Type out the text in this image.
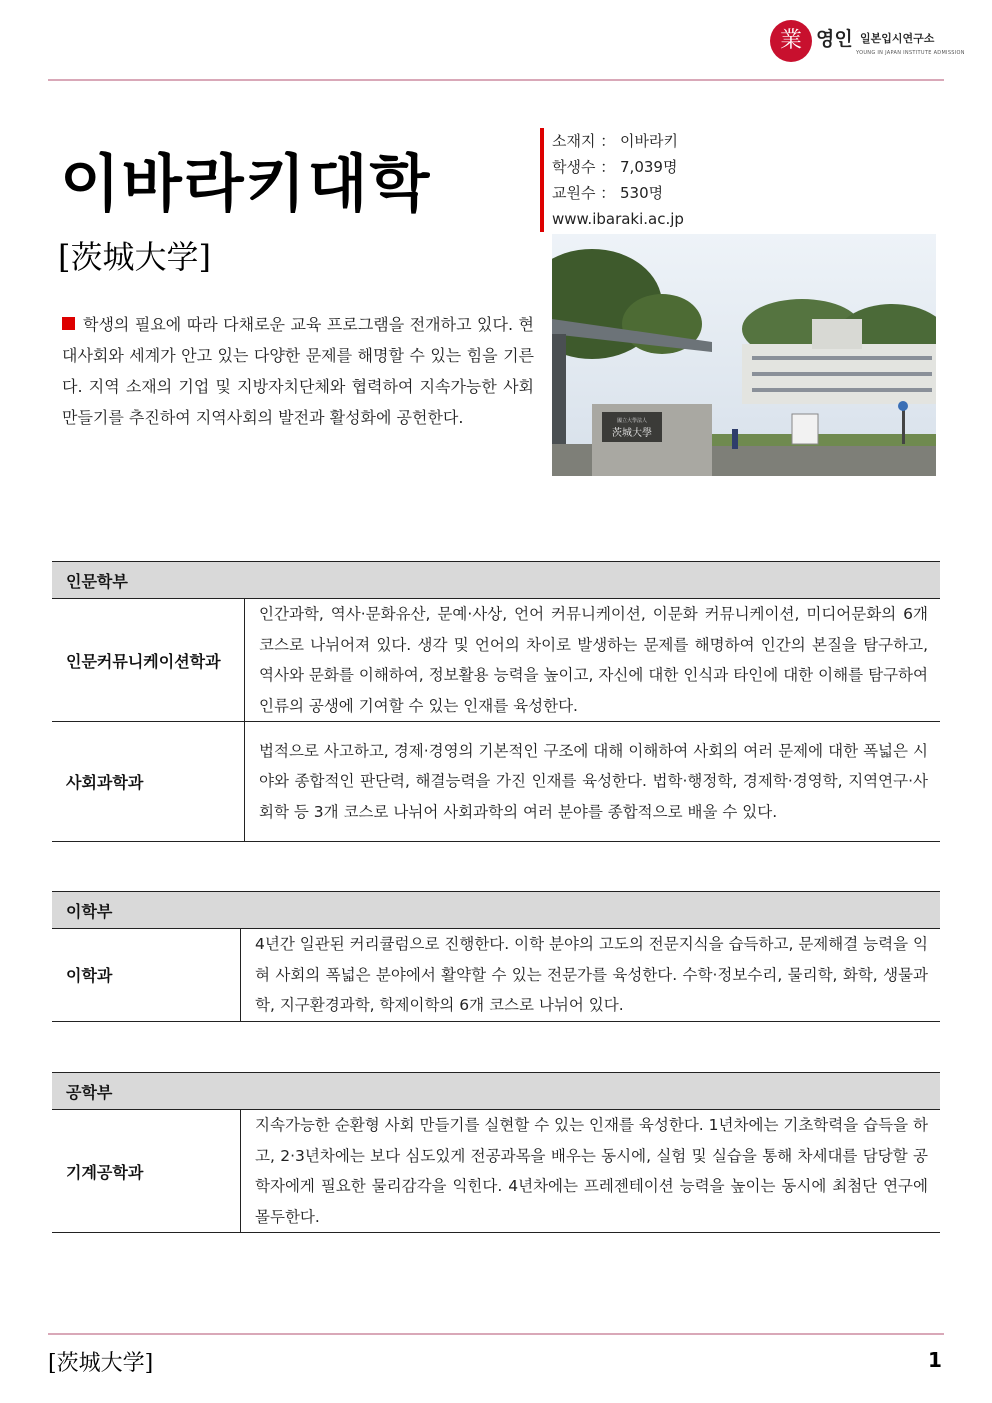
業 영인 일본입시연구소
YOUNG IN JAPAN INSTITUTE ADMISSION
이바라키대학
[茨城大学]
소재지 ： 이바라키
학생수 ： 7,039명
교원수 ： 530명
www.ibaraki.ac.jp
학생의 필요에 따라 다채로운 교육 프로그램을 전개하고 있다. 현대사회와 세계가 안고 있는 다양한 문제를 해명할 수 있는 힘을 기른다. 지역 소재의 기업 및 지방자치단체와 협력하여 지속가능한 사회 만들기를 추진하여 지역사회의 발전과 활성화에 공헌한다.	國立大學法人
茨城大學
인문학부	
인문커뮤니케이션학과	인간과학, 역사·문화유산, 문예·사상, 언어 커뮤니케이션, 이문화 커뮤니케이션, 미디어문화의 6개 코스로 나뉘어져 있다. 생각 및 언어의 차이로 발생하는 문제를 해명하여 인간의 본질을 탐구하고, 역사와 문화를 이해하여, 정보활용 능력을 높이고, 자신에 대한 인식과 타인에 대한 이해를 탐구하여 인류의 공생에 기여할 수 있는 인재를 육성한다.
사회과학과	법적으로 사고하고, 경제·경영의 기본적인 구조에 대해 이해하여 사회의 여러 문제에 대한 폭넓은 시야와 종합적인 판단력, 해결능력을 가진 인재를 육성한다. 법학·행정학, 경제학·경영학, 지역연구·사회학 등 3개 코스로 나뉘어 사회과학의 여러 분야를 종합적으로 배울 수 있다.
이학부
이학과	4년간 일관된 커리큘럼으로 진행한다. 이학 분야의 고도의 전문지식을 습득하고, 문제해결 능력을 익혀 사회의 폭넓은 분야에서 활약할 수 있는 전문가를 육성한다. 수학·정보수리, 물리학, 화학, 생물과학, 지구환경과학, 학제이학의 6개 코스로 나뉘어 있다.
공학부
기계공학과	지속가능한 순환형 사회 만들기를 실현할 수 있는 인재를 육성한다. 1년차에는 기초학력을 습득을 하고, 2·3년차에는 보다 심도있게 전공과목을 배우는 동시에, 실험 및 실습을 통해 차세대를 담당할 공학자에게 필요한 물리감각을 익힌다. 4년차에는 프레젠테이션 능력을 높이는 동시에 최첨단 연구에 몰두한다.
[茨城大学]	1
